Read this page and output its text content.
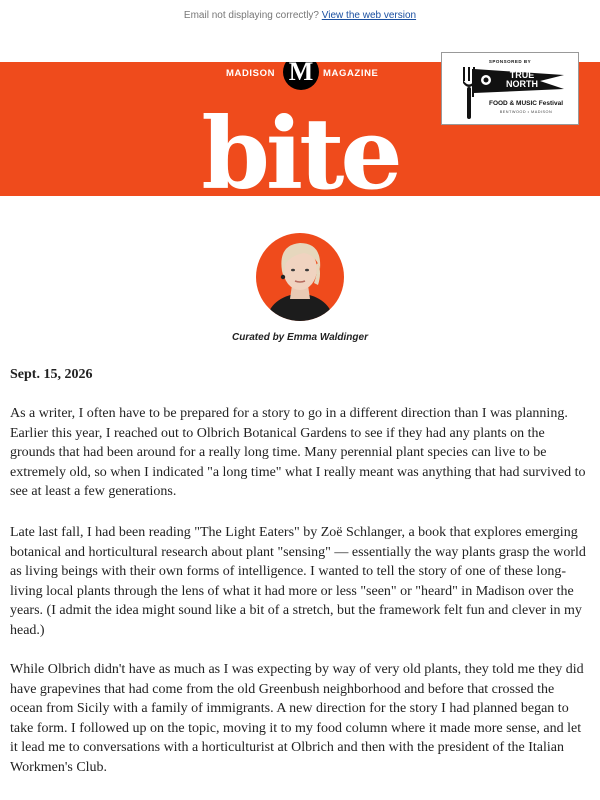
Email not displaying correctly? View the web version
MADISON M	MAGAZINE
bite
SPONSORED BY
TRUE
NORTH
FOOD & MUSIC Festival
BENTWOOD • MADISON
Curated by Emma Waldinger
Sept. 15, 2026

As a writer, I often have to be prepared for a story to go in a different direction than I was planning. Earlier this year, I reached out to Olbrich Botanical Gardens to see if they had any plants on the grounds that had been around for a really long time. Many perennial plant species can live to be extremely old, so when I indicated "a long time" what I really meant was anything that had survived to see at least a few generations.

Late last fall, I had been reading "The Light Eaters" by Zoë Schlanger, a book that explores emerging botanical and horticultural research about plant "sensing" — essentially the way plants grasp the world as living beings with their own forms of intelligence. I wanted to tell the story of one of these long-living local plants through the lens of what it had more or less "seen" or "heard" in Madison over the years. (I admit the idea might sound like a bit of a stretch, but the framework felt fun and clever in my head.)

While Olbrich didn't have as much as I was expecting by way of very old plants, they told me they did have grapevines that had come from the old Greenbush neighborhood and before that crossed the ocean from Sicily with a family of immigrants. A new direction for the story I had planned began to take form. I followed up on the topic, moving it to my food column where it made more sense, and let it lead me to conversations with a horticulturist at Olbrich and then with the president of the Italian Workmen's Club.
